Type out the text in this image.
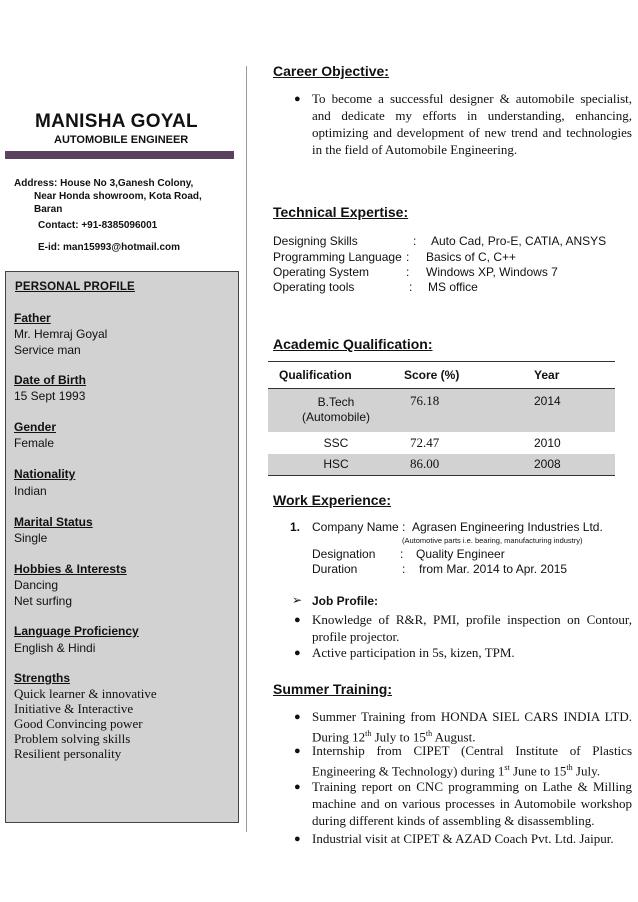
MANISHA GOYAL
AUTOMOBILE ENGINEER
Address: House No 3,Ganesh Colony,
Near Honda showroom, Kota Road,
Baran
Contact: +91-8385096001
E-id: man15993@hotmail.com
PERSONAL PROFILE
Father
Mr. Hemraj Goyal
Service man
Date of Birth
15 Sept 1993
Gender
Female
Nationality
Indian
Marital Status
Single
Hobbies & Interests
Dancing
Net surfing
Language Proficiency
English & Hindi
Strengths
Quick learner & innovative
Initiative & Interactive
Good Convincing power
Problem solving skills
Resilient personality
Career Objective:
● To become a successful designer & automobile specialist, and dedicate my efforts in understanding, enhancing, optimizing and development of new trend and technologies in the field of Automobile Engineering.
Technical Expertise:
Designing Skills	: Auto Cad, Pro-E, CATIA, ANSYS
Programming Language : Basics of C, C++
Operating System	: Windows XP, Windows 7
Operating tools	: MS office
Academic Qualification:
Qualification	Score (%)	Year
B.Tech
(Automobile)	76.18	2014
SSC	72.47	2010
HSC	86.00	2008
Work Experience:
1. Company Name : Agrasen Engineering Industries Ltd.
(Automotive parts i.e. bearing, manufacturing industry)
Designation : Quality Engineer
Duration	: from Mar. 2014 to Apr. 2015
➢ Job Profile:
● Knowledge of R&R, PMI, profile inspection on Contour, profile projector.
● Active participation in 5s, kizen, TPM.
Summer Training:
● Summer Training from HONDA SIEL CARS INDIA LTD. During 12th July to 15th August.
● Internship from CIPET (Central Institute of Plastics Engineering & Technology) during 1st June to 15th July.
● Training report on CNC programming on Lathe & Milling machine and on various processes in Automobile workshop during different kinds of assembling & disassembling.
● Industrial visit at CIPET & AZAD Coach Pvt. Ltd. Jaipur.
